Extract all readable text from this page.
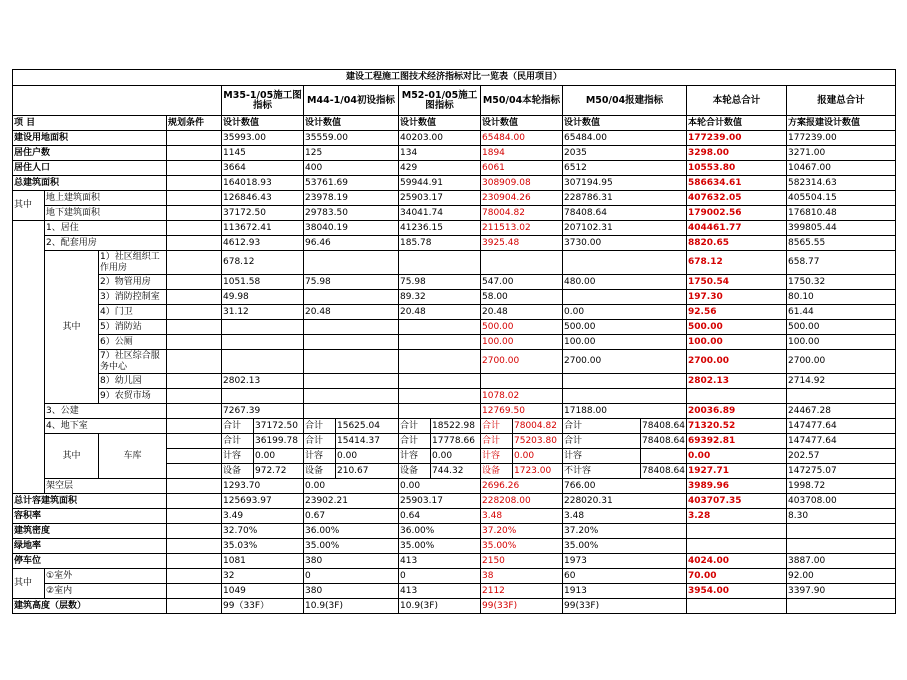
建设工程施工图技术经济指标对比一览表（民用项目）															
				M35-1/05施工图指标		M44-1/04初设指标		M52-01/05施工图指标		M50/04本轮指标		M50/04报建指标		本轮总合计	报建总合计
项 目			规划条件	设计数值		设计数值		设计数值		设计数值		设计数值		本轮合计数值	方案报建设计数值
建设用地面积				35993.00		35559.00		40203.00		65484.00		65484.00		177239.00	177239.00
居住户数				1145		125		134		1894		2035		3298.00	3271.00
居住人口				3664		400		429		6061		6512		10553.80	10467.00
总建筑面积				164018.93		53761.69		59944.91		308909.08		307194.95		586634.61	582314.63
其中	地上建筑面积			126846.43		23978.19		25903.17		230904.26		228786.31		407632.05	405504.15
	地下建筑面积			37172.50		29783.50		34041.74		78004.82		78408.64		179002.56	176810.48
	1、居住			113672.41		38040.19		41236.15		211513.02		207102.31		404461.77	399805.44
	2、配套用房			4612.93		96.46		185.78		3925.48		3730.00		8820.65	8565.55
	其中	1）社区组织工作用房		678.12										678.12	658.77
		2）物管用房		1051.58		75.98		75.98		547.00		480.00		1750.54	1750.32
		3）消防控制室		49.98				89.32		58.00				197.30	80.10
		4）门卫		31.12		20.48		20.48		20.48		0.00		92.56	61.44
		5）消防站								500.00		500.00		500.00	500.00
		6）公厕								100.00		100.00		100.00	100.00
		7）社区综合服务中心								2700.00		2700.00		2700.00	2700.00
		8）幼儿园		2802.13										2802.13	2714.92
		9）农贸市场								1078.02					
	3、公建			7267.39						12769.50		17188.00		20036.89	24467.28
	4、地下室			合计	37172.50	合计	15625.04	合计	18522.98	合计	78004.82	合计	78408.64	71320.52	147477.64
	其中	车库		合计	36199.78	合计	15414.37	合计	17778.66	合计	75203.80	合计	78408.64	69392.81	147477.64
				计容	0.00	计容	0.00	计容	0.00	计容	0.00	计容		0.00	202.57
				设备	972.72	设备	210.67	设备	744.32	设备	1723.00	不计容	78408.64	1927.71	147275.07
	架空层			1293.70		0.00		0.00		2696.26		766.00		3989.96	1998.72
总计容建筑面积				125693.97		23902.21		25903.17		228208.00		228020.31		403707.35	403708.00
容积率				3.49		0.67		0.64		3.48		3.48		3.28	8.30
建筑密度				32.70%		36.00%		36.00%		37.20%		37.20%			
绿地率				35.03%		35.00%		35.00%		35.00%		35.00%			
停车位				1081		380		413		2150		1973		4024.00	3887.00
其中	①室外			32		0		0		38		60		70.00	92.00
	②室内			1049		380		413		2112		1913		3954.00	3397.90
建筑高度（层数）				99（33F）		10.9(3F)		10.9(3F)		99(33F)		99(33F)			
